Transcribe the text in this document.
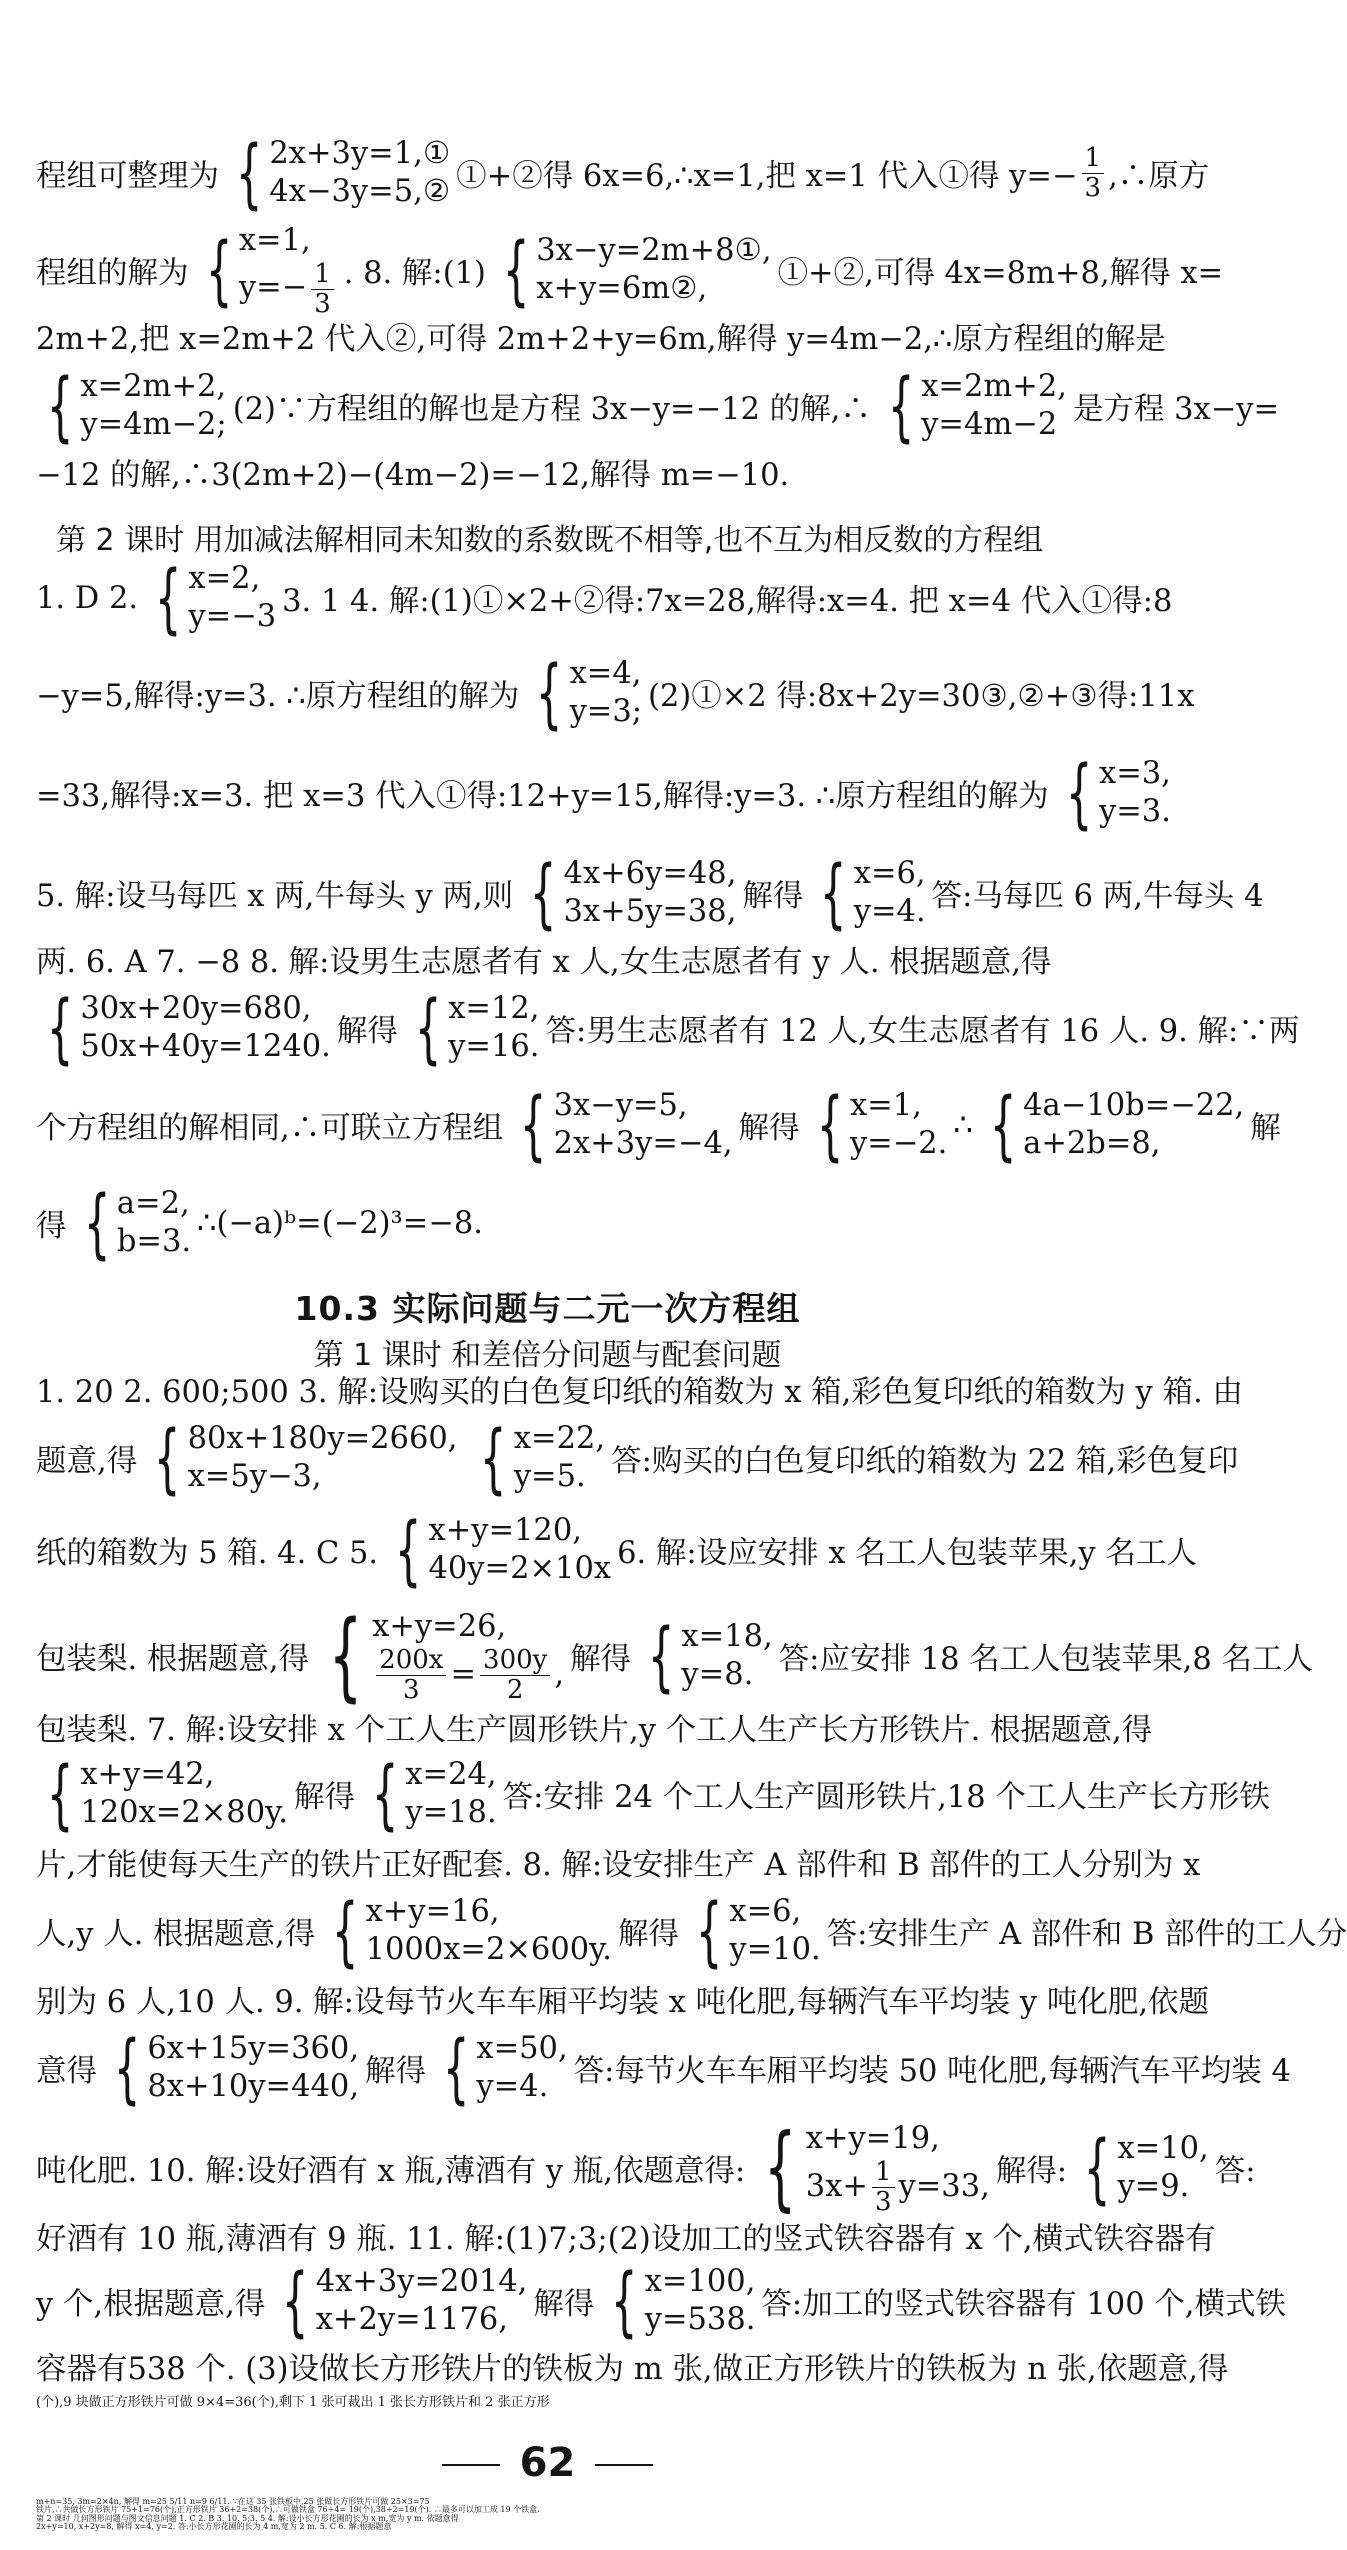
程组可整理为 { 2x+3y=1,①
4x−3y=5,② ①+②得 6x=6,∴x=1,把 x=1 代入①得 $y=- \frac{1}{3}$ ,∴原方
程组的解为 { x=1,
$y=- \frac{1}{3}$ . 8. 解:(1) { 3x−y=2m+8①,
x+y=6m②,	①+②,可得 4x=8m+8,解得 x=
2m+2,把 x=2m+2 代入②,可得 2m+2+y=6m,解得 y=4m−2,∴原方程组的解是
{ x=2m+2,
y=4m−2; (2)∵方程组的解也是方程 3x−y=−12 的解,∴ { x=2m+2,
y=4m−2 是方程 3x−y=
−12 的解,∴3(2m+2)−(4m−2)=−12,解得 m=−10.
第 2 课时 用加减法解相同未知数的系数既不相等,也不互为相反数的方程组
1. D 2. { x=2,
y=−3 3. 1 4. 解:(1)①×2+②得:7x=28,解得:x=4. 把 x=4 代入①得:8
−y=5,解得:y=3. ∴原方程组的解为 { x=4,
y=3; (2)①×2 得:8x+2y=30③,②+③得:11x
=33,解得:x=3. 把 x=3 代入①得:12+y=15,解得:y=3. ∴原方程组的解为 { x=3,
y=3.
5. 解:设马每匹 x 两,牛每头 y 两,则 { 4x+6y=48,
3x+5y=38, 解得 { x=6,
y=4. 答:马每匹 6 两,牛每头 4
两. 6. A 7. −8 8. 解:设男生志愿者有 x 人,女生志愿者有 y 人. 根据题意,得
{ 30x+20y=680,
50x+40y=1240. 解得 { x=12,
y=16. 答:男生志愿者有 12 人,女生志愿者有 16 人. 9. 解:∵两
个方程组的解相同,∴可联立方程组 { 3x−y=5,
2x+3y=−4, 解得 { x=1,
y=−2.
∴ { 4a−10b=−22,
a+2b=8,	解
得 { a=2,
b=3.
∴(−a)ᵇ=(−2)³=−8.
10.3 实际问题与二元一次方程组
第 1 课时 和差倍分问题与配套问题
1. 20 2. 600;500 3. 解:设购买的白色复印纸的箱数为 x 箱,彩色复印纸的箱数为 y 箱. 由
题意,得 { 80x+180y=2660,
x=5y−3,	{ x=22,
y=5. 答:购买的白色复印纸的箱数为 22 箱,彩色复印
纸的箱数为 5 箱. 4. C 5. { x+y=120,
40y=2×10x 6. 解:设应安排 x 名工人包装苹果,y 名工人
包装梨. 根据题意,得 { x+y=26,
$\frac{200x}{3} = \frac{300y}{2}$ , 解得 { x=18,
y=8. 答:应安排 18 名工人包装苹果,8 名工人
包装梨. 7. 解:设安排 x 个工人生产圆形铁片,y 个工人生产长方形铁片. 根据题意,得
{ x+y=42,
120x=2×80y. 解得 { x=24,
y=18. 答:安排 24 个工人生产圆形铁片,18 个工人生产长方形铁
片,才能使每天生产的铁片正好配套. 8. 解:设安排生产 A 部件和 B 部件的工人分别为 x
人,y 人. 根据题意,得 { x+y=16,
1000x=2×600y. 解得 { x=6,
y=10. 答:安排生产 A 部件和 B 部件的工人分
别为 6 人,10 人. 9. 解:设每节火车车厢平均装 x 吨化肥,每辆汽车平均装 y 吨化肥,依题
意得 { 6x+15y=360,
8x+10y=440, 解得 { x=50,
y=4. 答:每节火车车厢平均装 50 吨化肥,每辆汽车平均装 4
吨化肥. 10. 解:设好酒有 x 瓶,薄酒有 y 瓶,依题意得: { x+y=19,
$3x+ \frac{1}{3} y=33$, 解得: { x=10,
y=9. 答:
好酒有 10 瓶,薄酒有 9 瓶. 11. 解:(1)7;3;(2)设加工的竖式铁容器有 x 个,横式铁容器有
y 个,根据题意,得 { 4x+3y=2014,
x+2y=1176, 解得 { x=100,
y=538. 答:加工的竖式铁容器有 100 个,横式铁
容器有538 个. (3)设做长方形铁片的铁板为 m 张,做正方形铁片的铁板为 n 张,依题意,得
62
(个),9 块做正方形铁片可做 9×4=36(个),剩下 1 张可裁出 1 张长方形铁片和 2 张正方形
m+n=35, 3m=2×4n, 解得 m=25 5/11 n=9 6/11. ∵在这 35 张铁板中,25 张做长方形铁片可做 25×3=75
铁片,∴共做长方形铁片 75+1=76(个),正方形铁片 36+2=38(个),∴可做铁盒 76÷4= 19(个),38÷2=19(个). ∴最多可以加工成 19 个铁盒.
第 2 课时 几何图形问题与图文信息问题 1. C 2. B 3. 10. 5;3. 5 4. 解:设小长方形花圃的长为 x m,宽为 y m. 依题意得
2x+y=10, x+2y=8, 解得 x=4, y=2. 答:小长方形花圃的长为 4 m,宽为 2 m. 5. C 6. 解:根据题意
